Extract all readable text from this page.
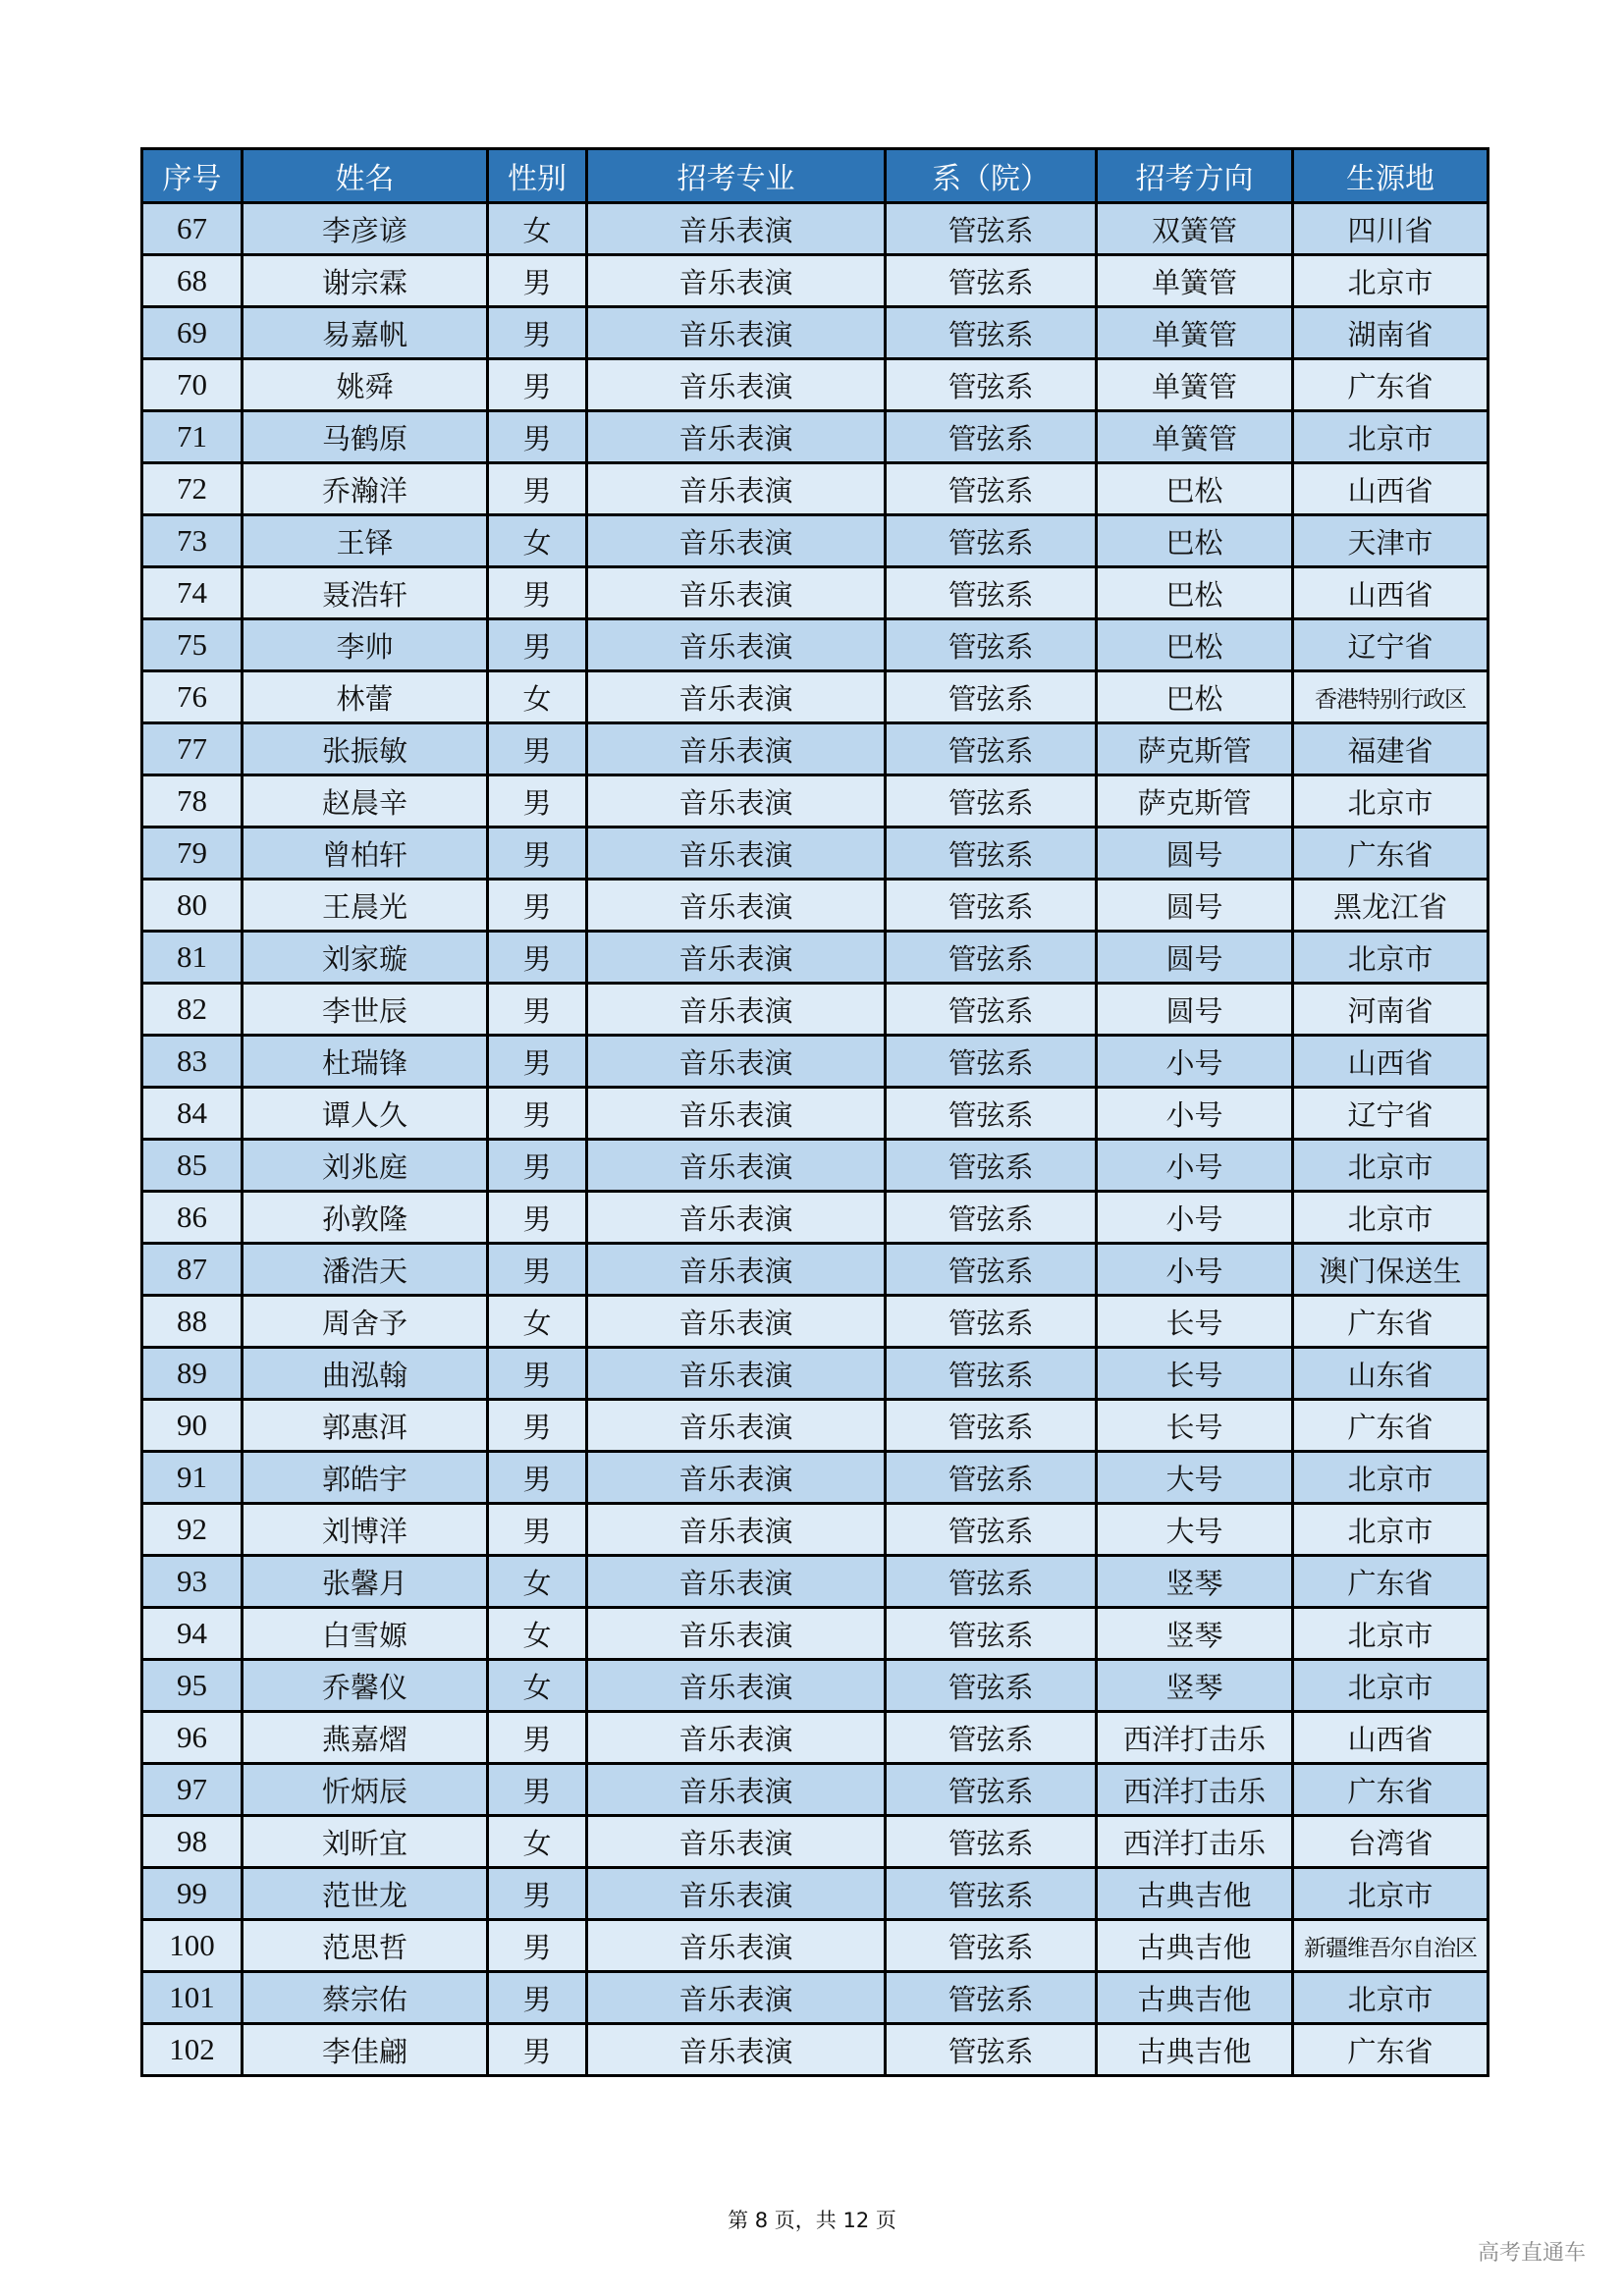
序号	姓名	性别	招考专业	系（院）	招考方向	生源地
67	李彦谚	女	音乐表演	管弦系	双簧管	四川省
68	谢宗霖	男	音乐表演	管弦系	单簧管	北京市
69	易嘉帆	男	音乐表演	管弦系	单簧管	湖南省
70	姚舜	男	音乐表演	管弦系	单簧管	广东省
71	马鹤原	男	音乐表演	管弦系	单簧管	北京市
72	乔瀚洋	男	音乐表演	管弦系	巴松	山西省
73	王铎	女	音乐表演	管弦系	巴松	天津市
74	聂浩轩	男	音乐表演	管弦系	巴松	山西省
75	李帅	男	音乐表演	管弦系	巴松	辽宁省
76	林蕾	女	音乐表演	管弦系	巴松	香港特别行政区
77	张振敏	男	音乐表演	管弦系	萨克斯管	福建省
78	赵晨辛	男	音乐表演	管弦系	萨克斯管	北京市
79	曾柏轩	男	音乐表演	管弦系	圆号	广东省
80	王晨光	男	音乐表演	管弦系	圆号	黑龙江省
81	刘家璇	男	音乐表演	管弦系	圆号	北京市
82	李世辰	男	音乐表演	管弦系	圆号	河南省
83	杜瑞锋	男	音乐表演	管弦系	小号	山西省
84	谭人久	男	音乐表演	管弦系	小号	辽宁省
85	刘兆庭	男	音乐表演	管弦系	小号	北京市
86	孙敦隆	男	音乐表演	管弦系	小号	北京市
87	潘浩天	男	音乐表演	管弦系	小号	澳门保送生
88	周舍予	女	音乐表演	管弦系	长号	广东省
89	曲泓翰	男	音乐表演	管弦系	长号	山东省
90	郭惠洱	男	音乐表演	管弦系	长号	广东省
91	郭皓宇	男	音乐表演	管弦系	大号	北京市
92	刘博洋	男	音乐表演	管弦系	大号	北京市
93	张馨月	女	音乐表演	管弦系	竖琴	广东省
94	白雪嫄	女	音乐表演	管弦系	竖琴	北京市
95	乔馨仪	女	音乐表演	管弦系	竖琴	北京市
96	燕嘉熠	男	音乐表演	管弦系	西洋打击乐	山西省
97	忻炳辰	男	音乐表演	管弦系	西洋打击乐	广东省
98	刘昕宜	女	音乐表演	管弦系	西洋打击乐	台湾省
99	范世龙	男	音乐表演	管弦系	古典吉他	北京市
100	范思哲	男	音乐表演	管弦系	古典吉他	新疆维吾尔自治区
101	蔡宗佑	男	音乐表演	管弦系	古典吉他	北京市
102	李佳翩	男	音乐表演	管弦系	古典吉他	广东省
第 8 页，共 12 页
高考直通车
